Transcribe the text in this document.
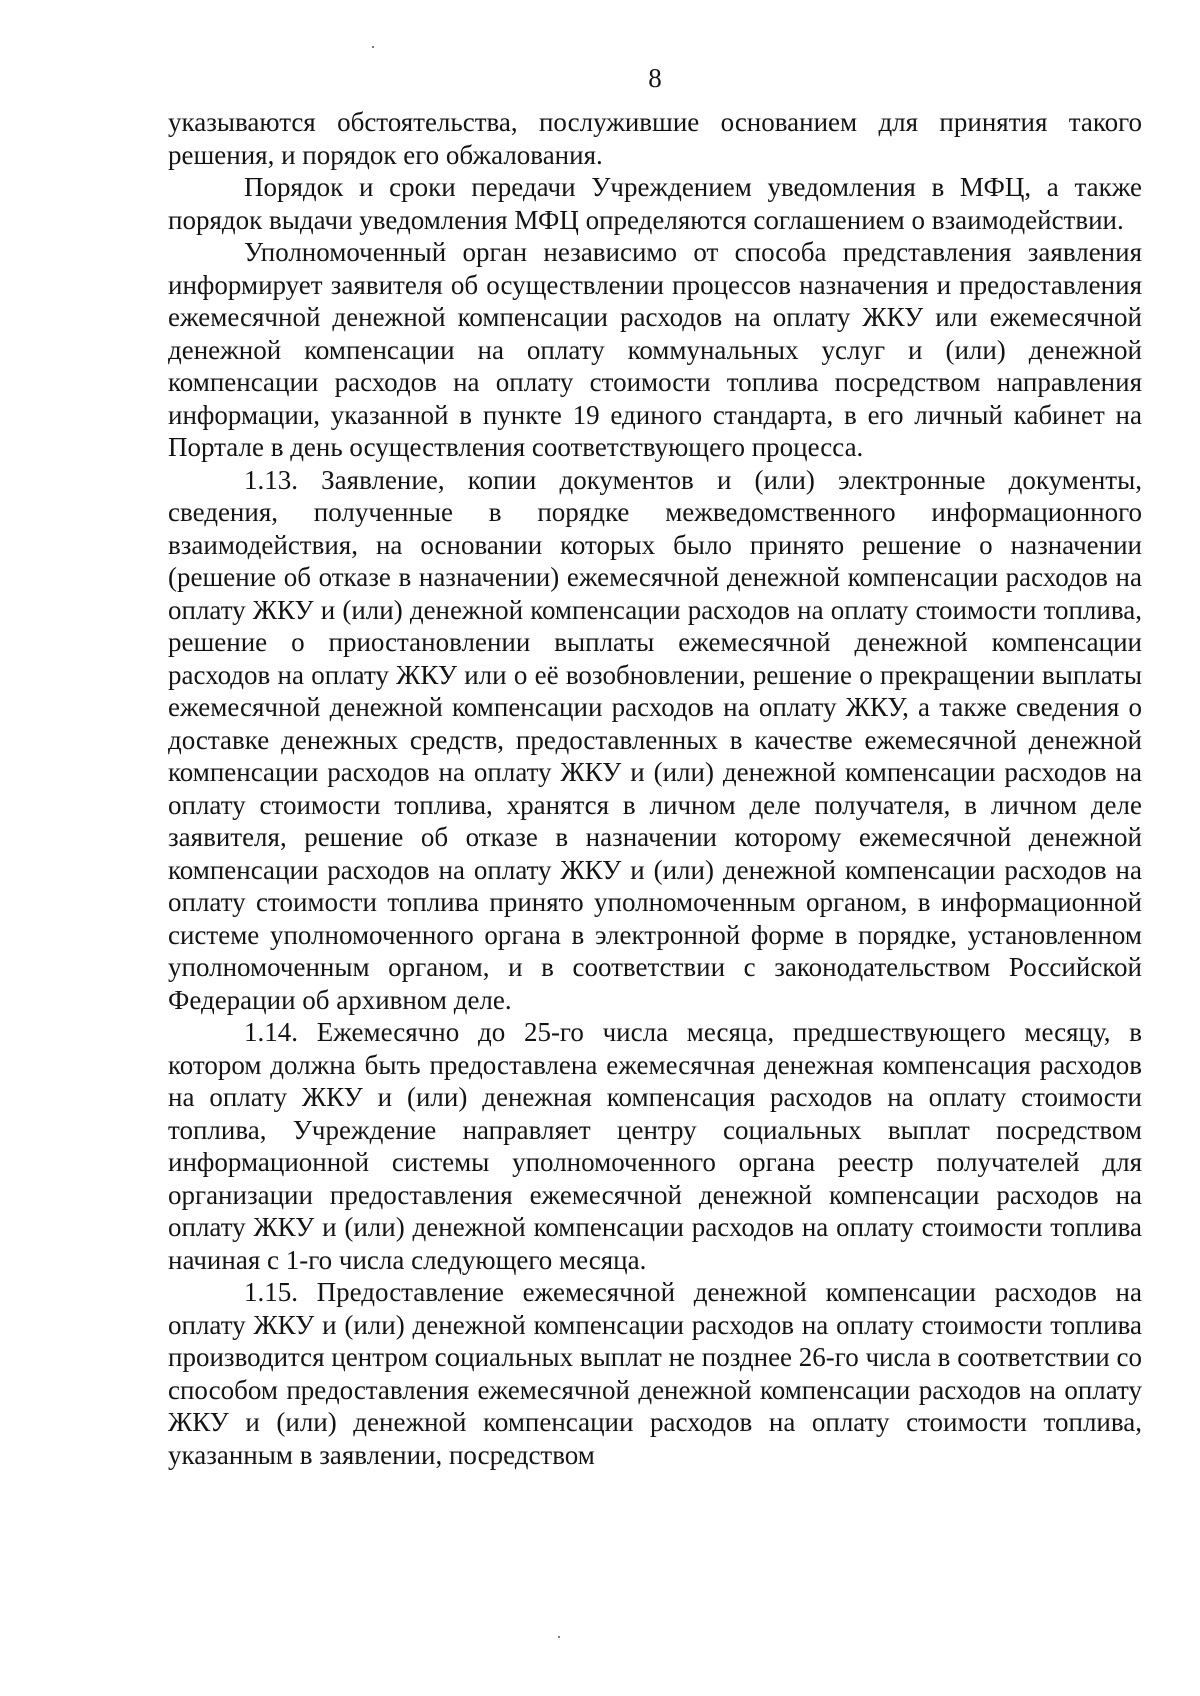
8

указываются обстоятельства, послужившие основанием для принятия такого решения, и порядок его обжалования.

Порядок и сроки передачи Учреждением уведомления в МФЦ, а также порядок выдачи уведомления МФЦ определяются соглашением о взаимодействии.

Уполномоченный орган независимо от способа представления заявления информирует заявителя об осуществлении процессов назначения и предоставления ежемесячной денежной компенсации расходов на оплату ЖКУ или ежемесячной денежной компенсации на оплату коммунальных услуг и (или) денежной компенсации расходов на оплату стоимости топлива посредством направления информации, указанной в пункте 19 единого стандарта, в его личный кабинет на Портале в день осуществления соответствующего процесса.

1.13. Заявление, копии документов и (или) электронные документы, сведения, полученные в порядке межведомственного информационного взаимодействия, на основании которых было принято решение о назначении (решение об отказе в назначении) ежемесячной денежной компенсации расходов на оплату ЖКУ и (или) денежной компенсации расходов на оплату стоимости топлива, решение о приостановлении выплаты ежемесячной денежной компенсации расходов на оплату ЖКУ или о её возобновлении, решение о прекращении выплаты ежемесячной денежной компенсации расходов на оплату ЖКУ, а также сведения о доставке денежных средств, предоставленных в качестве ежемесячной денежной компенсации расходов на оплату ЖКУ и (или) денежной компенсации расходов на оплату стоимости топлива, хранятся в личном деле получателя, в личном деле заявителя, решение об отказе в назначении которому ежемесячной денежной компенсации расходов на оплату ЖКУ и (или) денежной компенсации расходов на оплату стоимости топлива принято уполномоченным органом, в информационной системе уполномоченного органа в электронной форме в порядке, установленном уполномоченным органом, и в соответствии с законодательством Российской Федерации об архивном деле.

1.14. Ежемесячно до 25-го числа месяца, предшествующего месяцу, в котором должна быть предоставлена ежемесячная денежная компенсация расходов на оплату ЖКУ и (или) денежная компенсация расходов на оплату стоимости топлива, Учреждение направляет центру социальных выплат посредством информационной системы уполномоченного органа реестр получателей для организации предоставления ежемесячной денежной компенсации расходов на оплату ЖКУ и (или) денежной компенсации расходов на оплату стоимости топлива начиная с 1-го числа следующего месяца.

1.15. Предоставление ежемесячной денежной компенсации расходов на оплату ЖКУ и (или) денежной компенсации расходов на оплату стоимости топлива производится центром социальных выплат не позднее 26-го числа в соответствии со способом предоставления ежемесячной денежной компенсации расходов на оплату ЖКУ и (или) денежной компенсации расходов на оплату стоимости топлива, указанным в заявлении, посредством
